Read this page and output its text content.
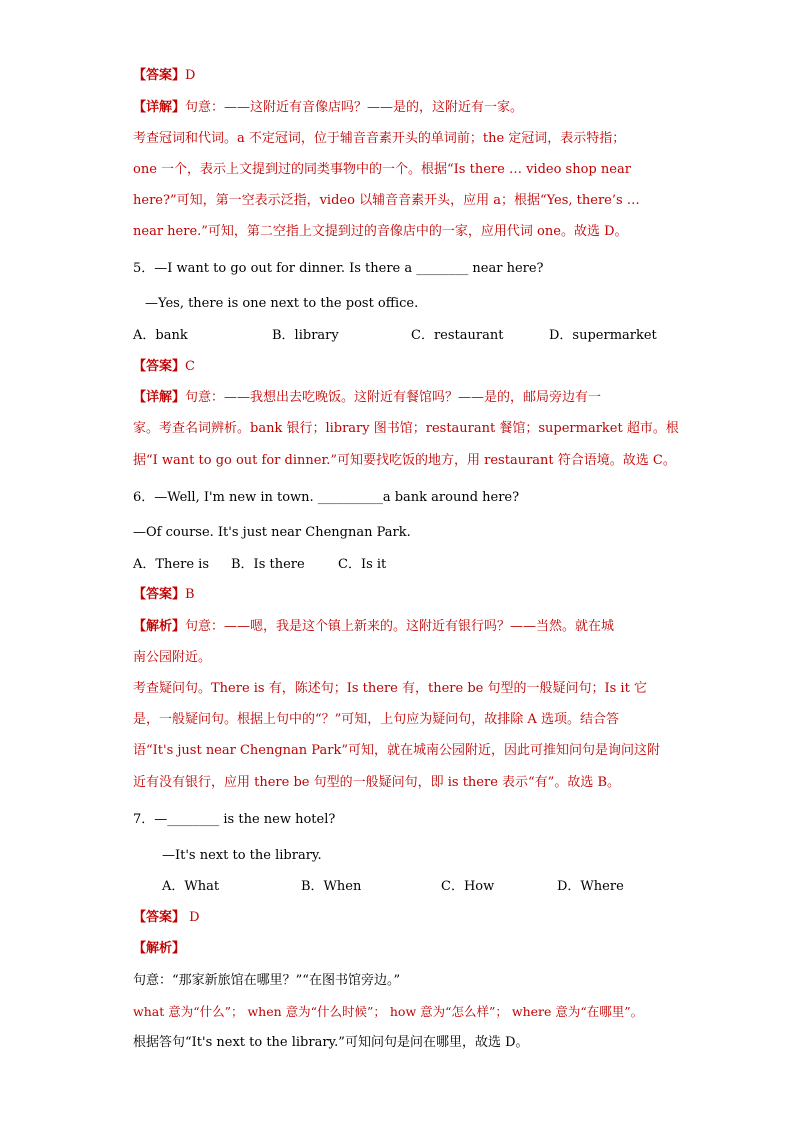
【答案】D
【详解】句意：——这附近有音像店吗？——是的，这附近有一家。
考查冠词和代词。a 不定冠词，位于辅音音素开头的单词前；the 定冠词，表示特指；
one 一个，表示上文提到过的同类事物中的一个。根据“Is there … video shop near
here?”可知，第一空表示泛指，video 以辅音音素开头，应用 a；根据“Yes, there’s …
near here.”可知，第二空指上文提到过的音像店中的一家，应用代词 one。故选 D。
5．—I want to go out for dinner. Is there a ________ near here?
—Yes, there is one next to the post office.
A．bank	B．library	C．restaurant	D．supermarket
【答案】C
【详解】句意：——我想出去吃晚饭。这附近有餐馆吗？——是的，邮局旁边有一
家。考查名词辨析。bank 银行；library 图书馆；restaurant 餐馆；supermarket 超市。根
据“I want to go out for dinner.”可知要找吃饭的地方，用 restaurant 符合语境。故选 C。
6．—Well, I'm new in town. __________a bank around here?
—Of course. It's just near Chengnan Park.
A．There is B．Is there	C．Is it
【答案】B
【解析】句意：——嗯，我是这个镇上新来的。这附近有银行吗？——当然。就在城
南公园附近。
考查疑问句。There is 有，陈述句；Is there 有，there be 句型的一般疑问句；Is it 它
是，一般疑问句。根据上句中的“？”可知，上句应为疑问句，故排除 A 选项。结合答
语“It's just near Chengnan Park”可知，就在城南公园附近，因此可推知问句是询问这附
近有没有银行，应用 there be 句型的一般疑问句，即 is there 表示“有”。故选 B。
7．—________ is the new hotel?
—It's next to the library.
A．What	B．When	C．How	D．Where
【答案】 D
【解析】
句意：“那家新旅馆在哪里？”“在图书馆旁边。”
what 意为“什么”； when 意为“什么时候”； how 意为“怎么样”； where 意为“在哪里”。
根据答句“It's next to the library.”可知问句是问在哪里，故选 D。
